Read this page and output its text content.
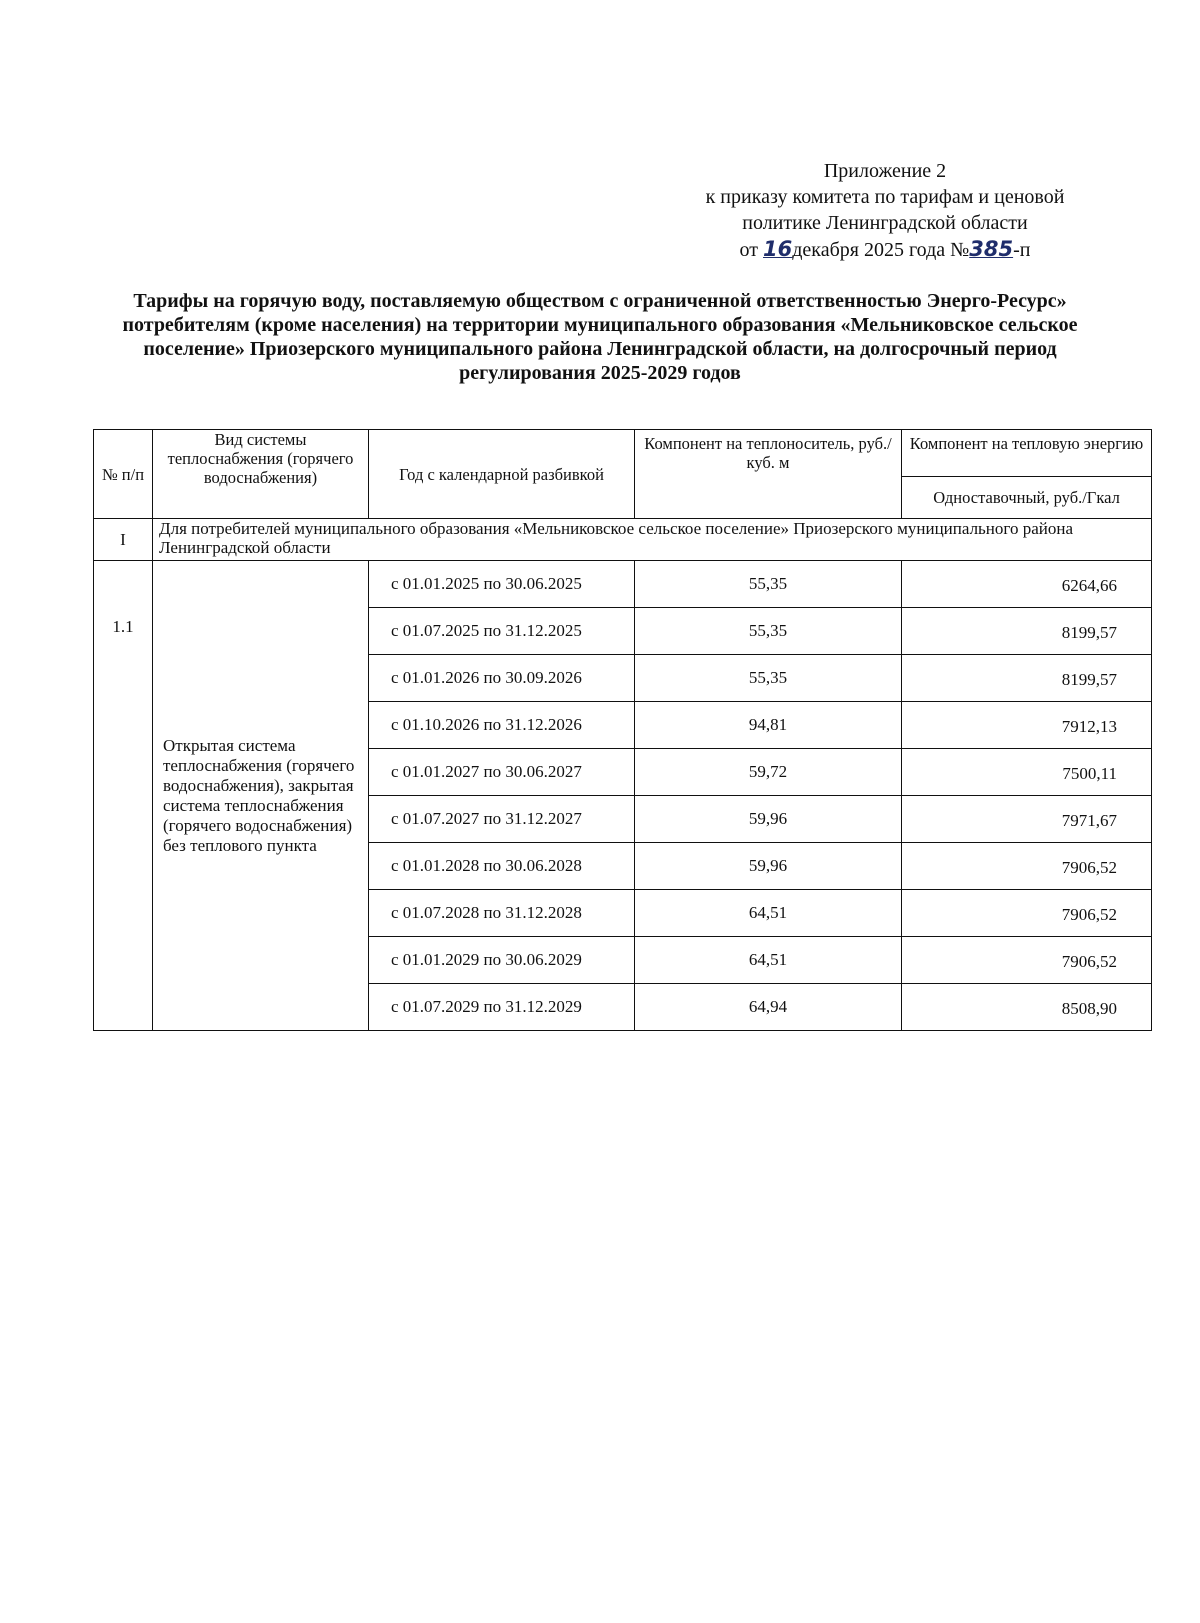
Приложение 2
к приказу комитета по тарифам и ценовой
политике Ленинградской области
от 16декабря 2025 года №385-п
Тарифы на горячую воду, поставляемую обществом с ограниченной ответственностью Энерго-Ресурс» потребителям (кроме населения) на территории муниципального образования «Мельниковское сельское поселение» Приозерского муниципального района Ленинградской области, на долгосрочный период регулирования 2025-2029 годов
№ п/п	Вид системы теплоснабжения (горячего водоснабжения)	Год с календарной разбивкой	Компонент на теплоноситель, руб./куб. м	Компонент на тепловую энергию
				Одноставочный, руб./Гкал
I	Для потребителей муниципального образования «Мельниковское сельское поселение» Приозерского муниципального района Ленинградской области			
1.1	Открытая система теплоснабжения (горячего водоснабжения), закрытая система теплоснабжения (горячего водоснабжения) без теплового пункта	с 01.01.2025 по 30.06.2025	55,35	6264,66
		с 01.07.2025 по 31.12.2025	55,35	8199,57
		с 01.01.2026 по 30.09.2026	55,35	8199,57
		с 01.10.2026 по 31.12.2026	94,81	7912,13
		с 01.01.2027 по 30.06.2027	59,72	7500,11
		с 01.07.2027 по 31.12.2027	59,96	7971,67
		с 01.01.2028 по 30.06.2028	59,96	7906,52
		с 01.07.2028 по 31.12.2028	64,51	7906,52
		с 01.01.2029 по 30.06.2029	64,51	7906,52
		с 01.07.2029 по 31.12.2029	64,94	8508,90
